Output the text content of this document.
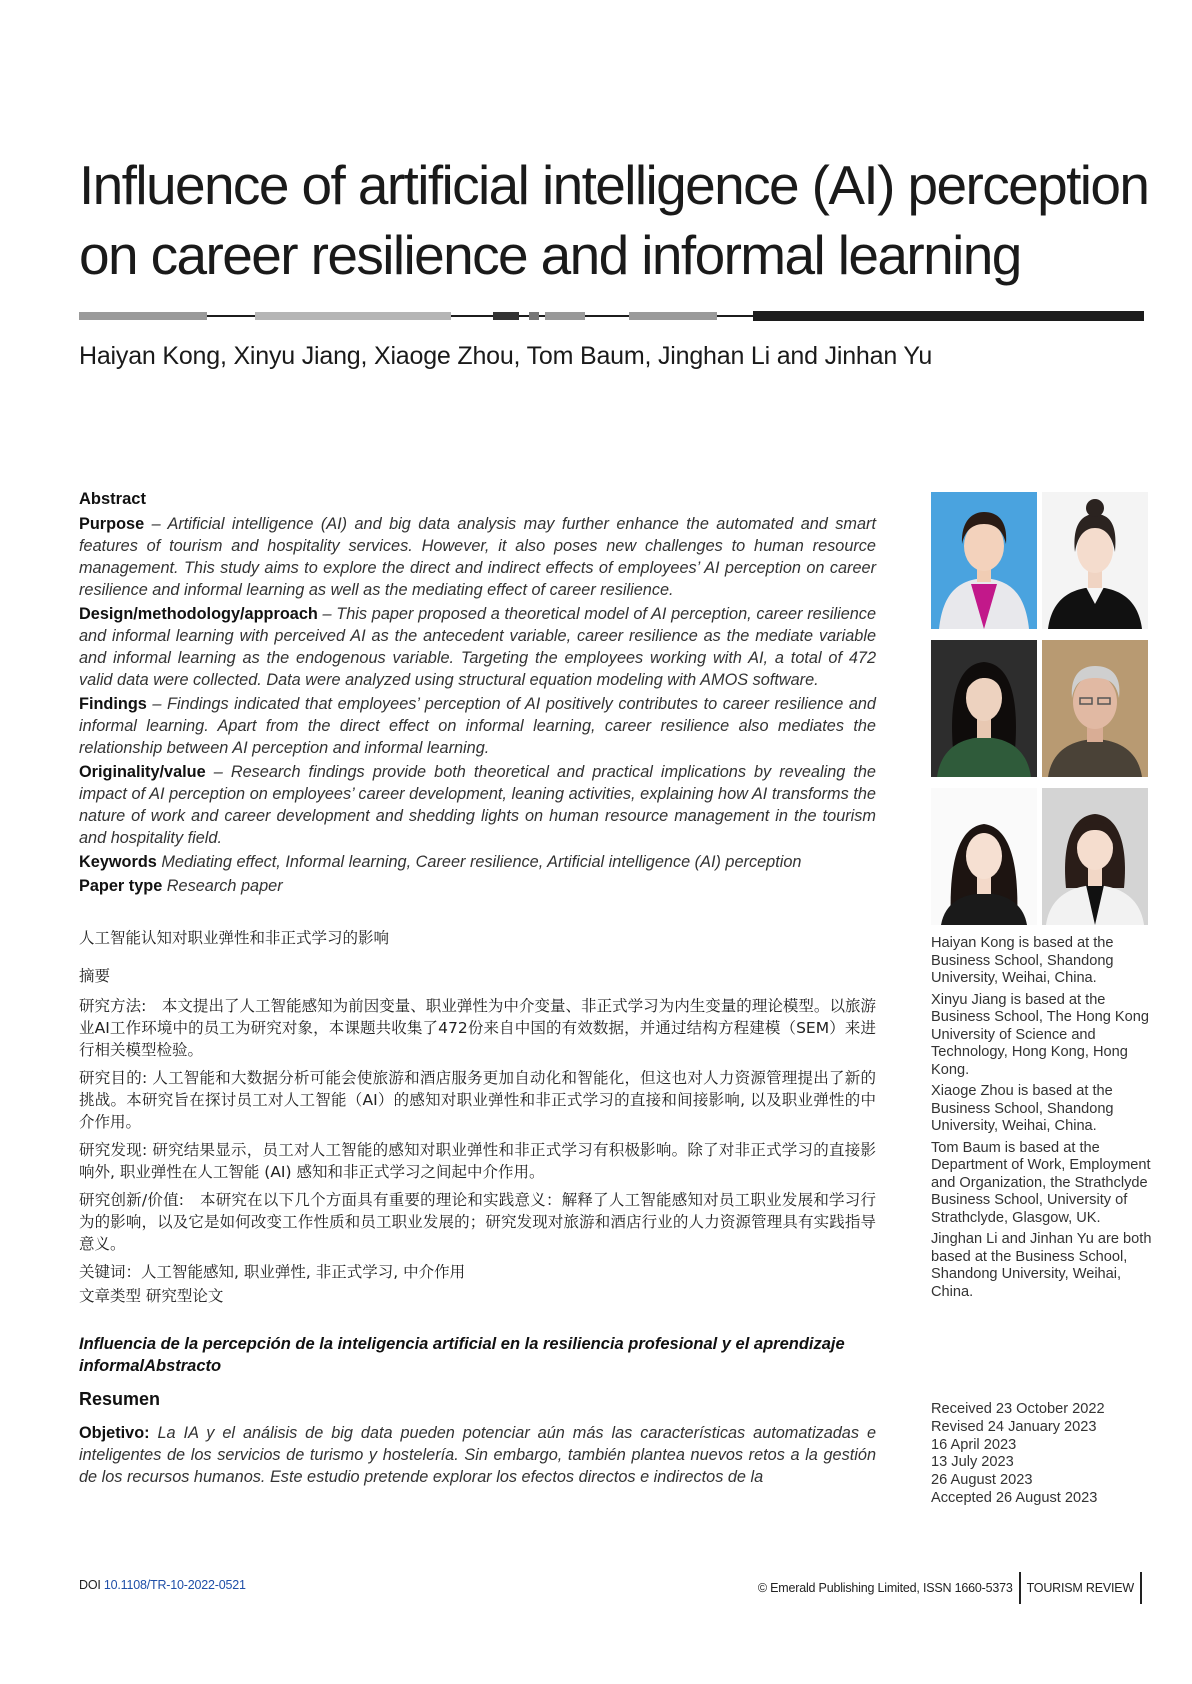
Influence of artificial intelligence (AI) perception
on career resilience and informal learning
Haiyan Kong, Xinyu Jiang, Xiaoge Zhou, Tom Baum, Jinghan Li and Jinhan Yu
Abstract

Purpose – Artificial intelligence (AI) and big data analysis may further enhance the automated and smart features of tourism and hospitality services. However, it also poses new challenges to human resource management. This study aims to explore the direct and indirect effects of employees’ AI perception on career resilience and informal learning as well as the mediating effect of career resilience.

Design/methodology/approach – This paper proposed a theoretical model of AI perception, career resilience and informal learning with perceived AI as the antecedent variable, career resilience as the mediate variable and informal learning as the endogenous variable. Targeting the employees working with AI, a total of 472 valid data were collected. Data were analyzed using structural equation modeling with AMOS software.

Findings – Findings indicated that employees’ perception of AI positively contributes to career resilience and informal learning. Apart from the direct effect on informal learning, career resilience also mediates the relationship between AI perception and informal learning.

Originality/value – Research findings provide both theoretical and practical implications by revealing the impact of AI perception on employees’ career development, leaning activities, explaining how AI transforms the nature of work and career development and shedding lights on human resource management in the tourism and hospitality field.

Keywords Mediating effect, Informal learning, Career resilience, Artificial intelligence (AI) perception

Paper type Research paper

人工智能认知对职业弹性和非正式学习的影响

摘要

研究方法:　本文提出了人工智能感知为前因变量、职业弹性为中介变量、非正式学习为内生变量的理论模型。以旅游业AI工作环境中的员工为研究对象，本课题共收集了472份来自中国的有效数据，并通过结构方程建模（SEM）来进行相关模型检验。

研究目的: 人工智能和大数据分析可能会使旅游和酒店服务更加自动化和智能化，但这也对人力资源管理提出了新的挑战。本研究旨在探讨员工对人工智能（AI）的感知对职业弹性和非正式学习的直接和间接影响, 以及职业弹性的中介作用。

研究发现: 研究结果显示，员工对人工智能的感知对职业弹性和非正式学习有积极影响。除了对非正式学习的直接影响外, 职业弹性在人工智能 (AI) 感知和非正式学习之间起中介作用。

研究创新/价值:　本研究在以下几个方面具有重要的理论和实践意义：解释了人工智能感知对员工职业发展和学习行为的影响，以及它是如何改变工作性质和员工职业发展的；研究发现对旅游和酒店行业的人力资源管理具有实践指导意义。

关键词：人工智能感知, 职业弹性, 非正式学习, 中介作用

文章类型 研究型论文

Influencia de la percepción de la inteligencia artificial en la resiliencia profesional y el aprendizaje informalAbstracto

Resumen

Objetivo: La IA y el análisis de big data pueden potenciar aún más las características automatizadas e inteligentes de los servicios de turismo y hostelería. Sin embargo, también plantea nuevos retos a la gestión de los recursos humanos. Este estudio pretende explorar los efectos directos e indirectos de la

Haiyan Kong is based at the Business School, Shandong University, Weihai, China.

Xinyu Jiang is based at the Business School, The Hong Kong University of Science and Technology, Hong Kong, Hong Kong.

Xiaoge Zhou is based at the Business School, Shandong University, Weihai, China.

Tom Baum is based at the Department of Work, Employment and Organization, the Strathclyde Business School, University of Strathclyde, Glasgow, UK.

Jinghan Li and Jinhan Yu are both based at the Business School, Shandong University, Weihai, China.

Received 23 October 2022
Revised 24 January 2023
16 April 2023
13 July 2023
26 August 2023
Accepted 26 August 2023
DOI 10.1108/TR-10-2022-0521	© Emerald Publishing Limited, ISSN 1660-5373 TOURISM REVIEW
